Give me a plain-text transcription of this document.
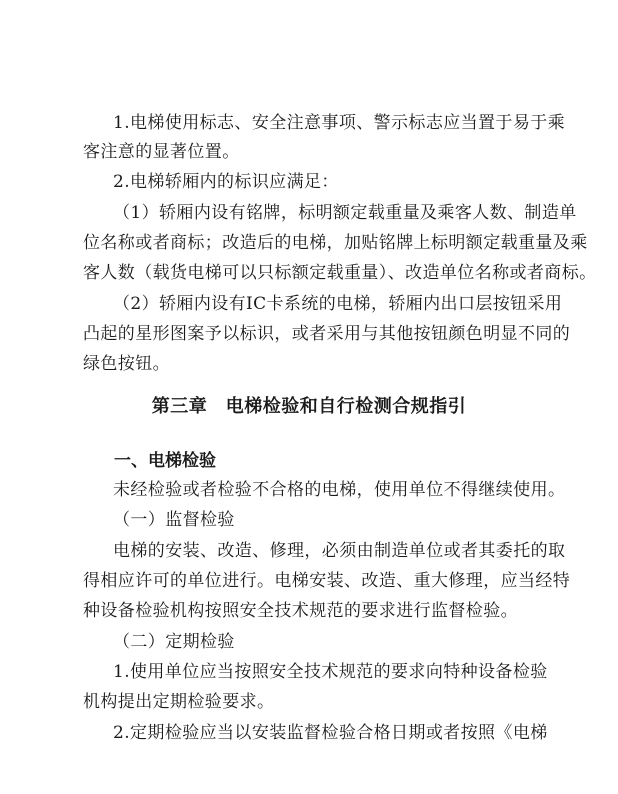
1.电梯使用标志、安全注意事项、警示标志应当置于易于乘
客注意的显著位置。
2.电梯轿厢内的标识应满足：
（1）轿厢内设有铭牌，标明额定载重量及乘客人数、制造单
位名称或者商标；改造后的电梯，加贴铭牌上标明额定载重量及乘
客人数（载货电梯可以只标额定载重量）、改造单位名称或者商标。
（2）轿厢内设有IC卡系统的电梯，轿厢内出口层按钮采用
凸起的星形图案予以标识，或者采用与其他按钮颜色明显不同的
绿色按钮。
第三章　电梯检验和自行检测合规指引
一、电梯检验
未经检验或者检验不合格的电梯，使用单位不得继续使用。
（一）监督检验
电梯的安装、改造、修理，必须由制造单位或者其委托的取
得相应许可的单位进行。电梯安装、改造、重大修理，应当经特
种设备检验机构按照安全技术规范的要求进行监督检验。
（二）定期检验
1.使用单位应当按照安全技术规范的要求向特种设备检验
机构提出定期检验要求。
2.定期检验应当以安装监督检验合格日期或者按照《电梯
